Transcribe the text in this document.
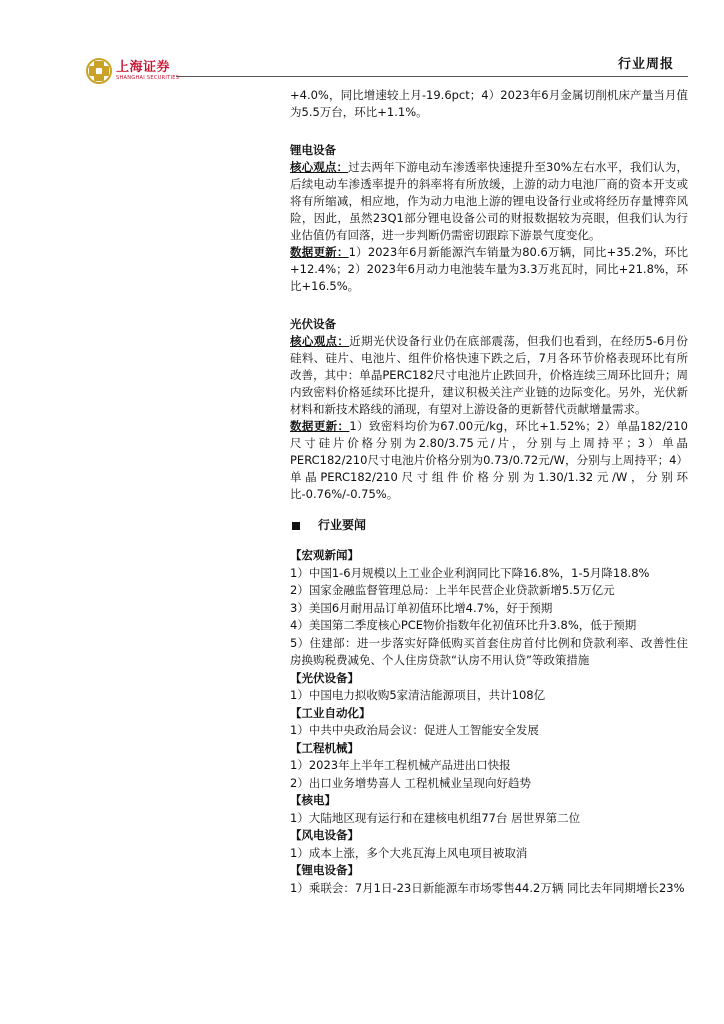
上海证券
SHANGHAI SECURITIES
行业周报

+4.0%，同比增速较上月-19.6pct；4）2023年6月金属切削机床产量当月值为5.5万台，环比+1.1%。

锂电设备

核心观点：过去两年下游电动车渗透率快速提升至30%左右水平，我们认为，后续电动车渗透率提升的斜率将有所放缓，上游的动力电池厂商的资本开支或将有所缩减，相应地，作为动力电池上游的锂电设备行业或将经历存量博弈风险，因此，虽然23Q1部分锂电设备公司的财报数据较为亮眼，但我们认为行业估值仍有回落，进一步判断仍需密切跟踪下游景气度变化。

数据更新：1）2023年6月新能源汽车销量为80.6万辆，同比+35.2%，环比+12.4%；2）2023年6月动力电池装车量为3.3万兆瓦时，同比+21.8%，环比+16.5%。

光伏设备

核心观点：近期光伏设备行业仍在底部震荡，但我们也看到，在经历5-6月份硅料、硅片、电池片、组件价格快速下跌之后，7月各环节价格表现环比有所改善，其中：单晶PERC182尺寸电池片止跌回升，价格连续三周环比回升；周内致密料价格延续环比提升，建议积极关注产业链的边际变化。另外，光伏新材料和新技术路线的涌现，有望对上游设备的更新替代贡献增量需求。

数据更新：1）致密料均价为67.00元/kg，环比+1.52%；2）单晶182/210尺寸硅片价格分别为2.80/3.75元/片，分别与上周持平；3）单晶PERC182/210尺寸电池片价格分别为0.73/0.72元/W，分别与上周持平；4）单晶PERC182/210尺寸组件价格分别为1.30/1.32元/W，分别环比-0.76%/-0.75%。

行业要闻

【宏观新闻】

1）中国1-6月规模以上工业企业利润同比下降16.8%，1-5月降18.8%

2）国家金融监督管理总局：上半年民营企业贷款新增5.5万亿元

3）美国6月耐用品订单初值环比增4.7%，好于预期

4）美国第二季度核心PCE物价指数年化初值环比升3.8%，低于预期

5）住建部：进一步落实好降低购买首套住房首付比例和贷款利率、改善性住房换购税费减免、个人住房贷款“认房不用认贷”等政策措施

【光伏设备】

1）中国电力拟收购5家清洁能源项目，共计108亿

【工业自动化】

1）中共中央政治局会议：促进人工智能安全发展

【工程机械】

1）2023年上半年工程机械产品进出口快报

2）出口业务增势喜人 工程机械业呈现向好趋势

【核电】

1）大陆地区现有运行和在建核电机组77台 居世界第二位

【风电设备】

1）成本上涨，多个大兆瓦海上风电项目被取消

【锂电设备】

1）乘联会：7月1日-23日新能源车市场零售44.2万辆 同比去年同期增长23%
